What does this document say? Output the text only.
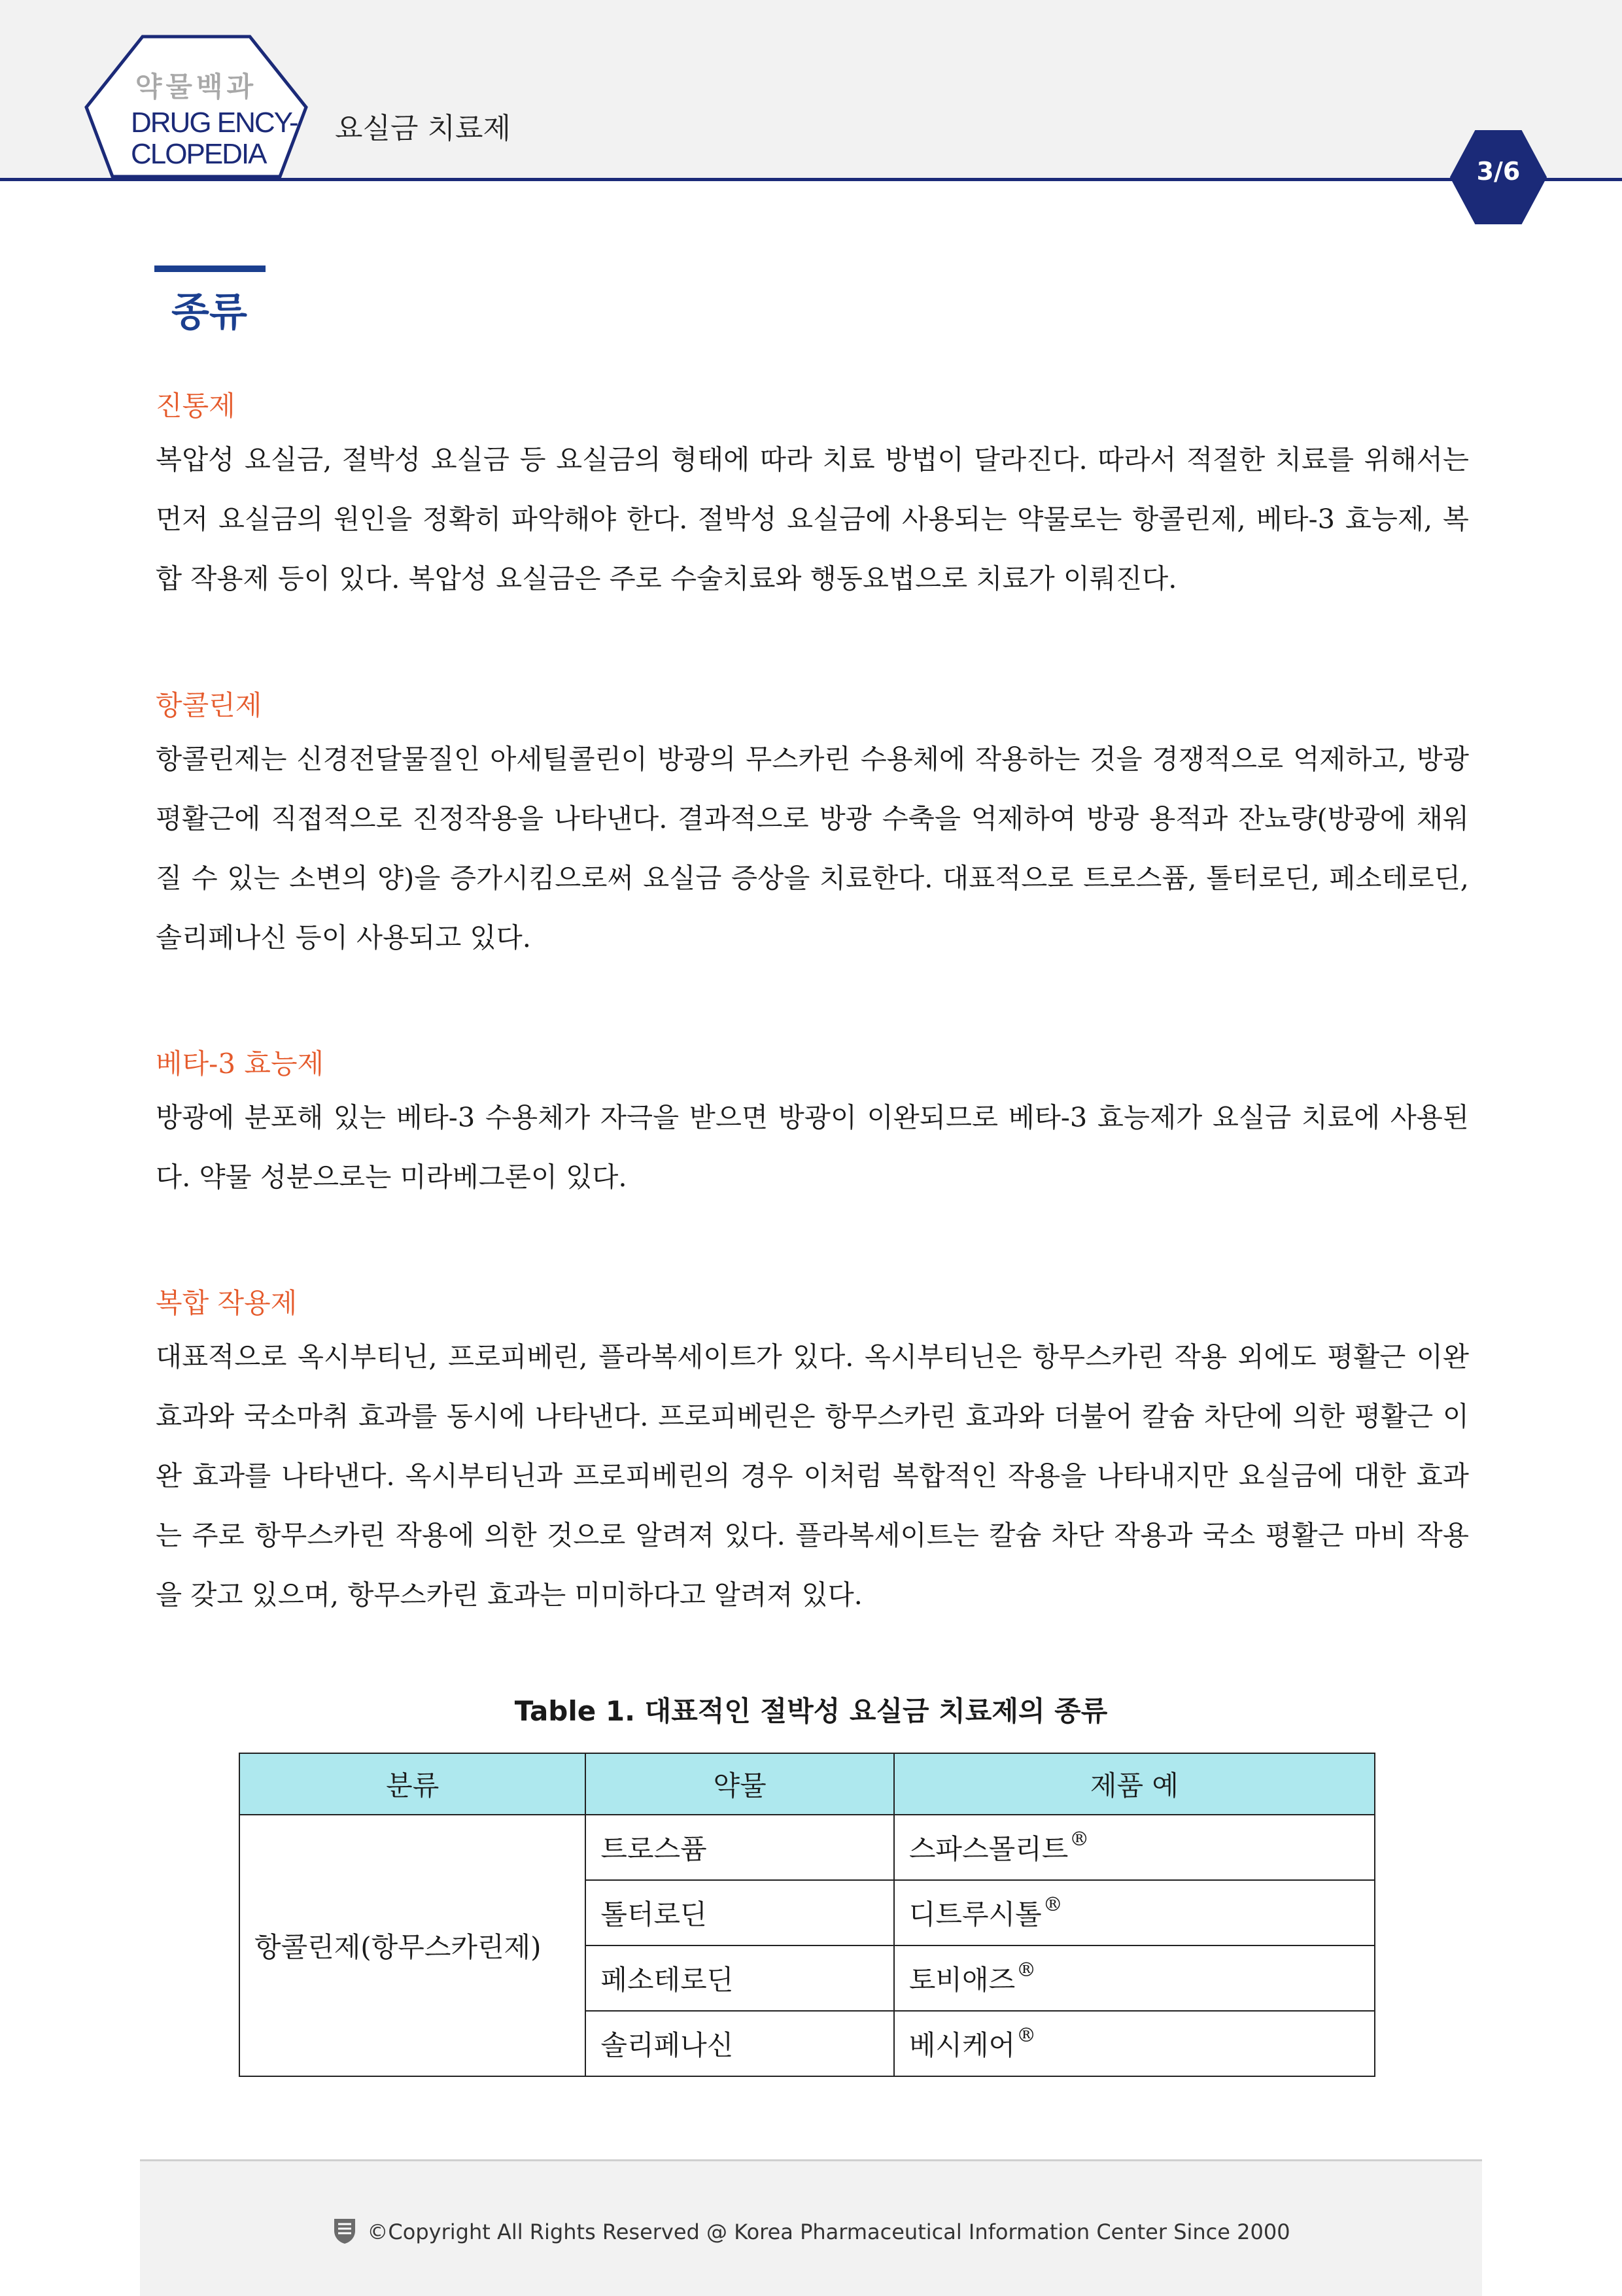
약물백과
DRUG ENCY-
CLOPEDIA
요실금 치료제
3/6
종류
진통제
복압성 요실금, 절박성 요실금 등 요실금의 형태에 따라 치료 방법이 달라진다. 따라서 적절한 치료를 위해서는 먼저 요실금의 원인을 정확히 파악해야 한다. 절박성 요실금에 사용되는 약물로는 항콜린제, 베타-3 효능제, 복합 작용제 등이 있다. 복압성 요실금은 주로 수술치료와 행동요법으로 치료가 이뤄진다.
항콜린제
항콜린제는 신경전달물질인 아세틸콜린이 방광의 무스카린 수용체에 작용하는 것을 경쟁적으로 억제하고, 방광 평활근에 직접적으로 진정작용을 나타낸다. 결과적으로 방광 수축을 억제하여 방광 용적과 잔뇨량(방광에 채워질 수 있는 소변의 양)을 증가시킴으로써 요실금 증상을 치료한다. 대표적으로 트로스퓸, 톨터로딘, 페소테로딘, 솔리페나신 등이 사용되고 있다.
베타-3 효능제
방광에 분포해 있는 베타-3 수용체가 자극을 받으면 방광이 이완되므로 베타-3 효능제가 요실금 치료에 사용된다. 약물 성분으로는 미라베그론이 있다.
복합 작용제
대표적으로 옥시부티닌, 프로피베린, 플라복세이트가 있다. 옥시부티닌은 항무스카린 작용 외에도 평활근 이완 효과와 국소마취 효과를 동시에 나타낸다. 프로피베린은 항무스카린 효과와 더불어 칼슘 차단에 의한 평활근 이완 효과를 나타낸다. 옥시부티닌과 프로피베린의 경우 이처럼 복합적인 작용을 나타내지만 요실금에 대한 효과는 주로 항무스카린 작용에 의한 것으로 알려져 있다. 플라복세이트는 칼슘 차단 작용과 국소 평활근 마비 작용을 갖고 있으며, 항무스카린 효과는 미미하다고 알려져 있다.
Table 1. 대표적인 절박성 요실금 치료제의 종류
분류	약물	제품 예
항콜린제(항무스카린제)	트로스퓸	스파스몰리트®
	톨터로딘	디트루시톨®
	페소테로딘	토비애즈®
	솔리페나신	베시케어®
©Copyright All Rights Reserved @ Korea Pharmaceutical Information Center Since 2000
